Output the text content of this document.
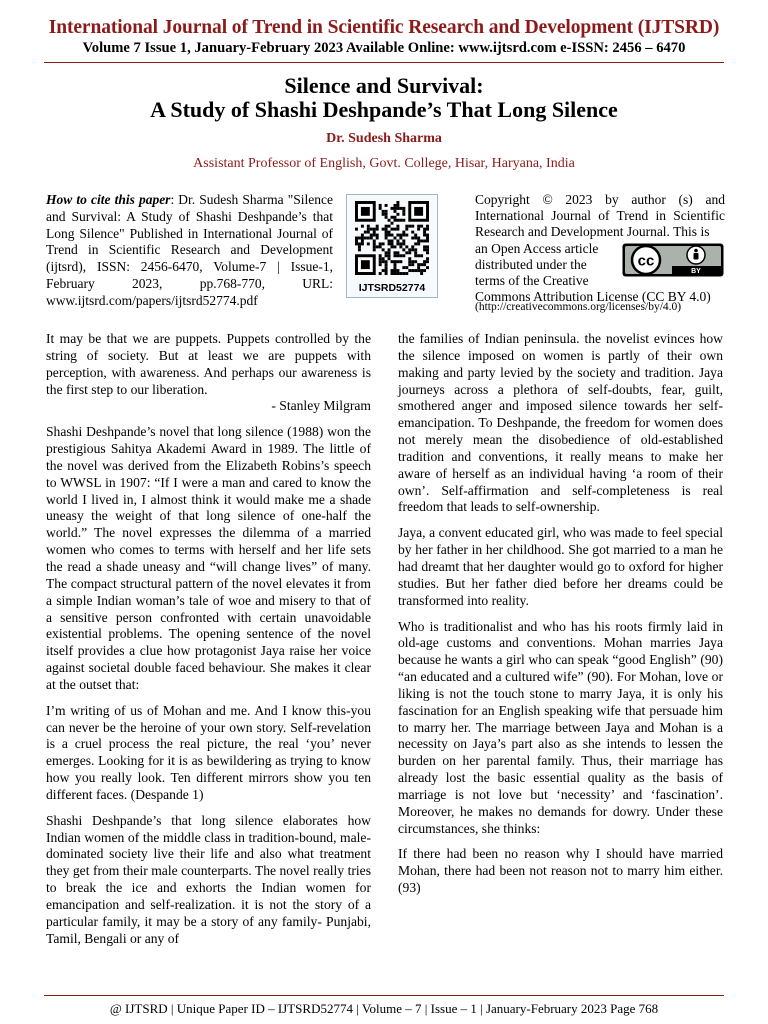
International Journal of Trend in Scientific Research and Development (IJTSRD)
Volume 7 Issue 1, January-February 2023 Available Online: www.ijtsrd.com e-ISSN: 2456 – 6470
Silence and Survival:
A Study of Shashi Deshpande’s That Long Silence
Dr. Sudesh Sharma
Assistant Professor of English, Govt. College, Hisar, Haryana, India
How to cite this paper: Dr. Sudesh Sharma "Silence and Survival: A Study of Shashi Deshpande’s that Long Silence" Published in International Journal of Trend in Scientific Research and Development (ijtsrd), ISSN: 2456-6470, Volume-7 | Issue-1, February 2023, pp.768-770, URL: www.ijtsrd.com/papers/ijtsrd52774.pdf
IJTSRD52774
Copyright © 2023 by author (s) and International Journal of Trend in Scientific Research and Development Journal. This is
an Open Access article
distributed under the
terms of the Creative
Commons Attribution License (CC BY 4.0)
cc
BY
(http://creativecommons.org/licenses/by/4.0)

It may be that we are puppets. Puppets controlled by the string of society. But at least we are puppets with perception, with awareness. And perhaps our awareness is the first step to our liberation.

- Stanley Milgram

Shashi Deshpande’s novel that long silence (1988) won the prestigious Sahitya Akademi Award in 1989. The little of the novel was derived from the Elizabeth Robins’s speech to WWSL in 1907: “If I were a man and cared to know the world I lived in, I almost think it would make me a shade uneasy the weight of that long silence of one-half the world.” The novel expresses the dilemma of a married women who comes to terms with herself and her life sets the read a shade uneasy and “will change lives” of many. The compact structural pattern of the novel elevates it from a simple Indian woman’s tale of woe and misery to that of a sensitive person confronted with certain unavoidable existential problems. The opening sentence of the novel itself provides a clue how protagonist Jaya raise her voice against societal double faced behaviour. She makes it clear at the outset that:

I’m writing of us of Mohan and me. And I know this-you can never be the heroine of your own story. Self-revelation is a cruel process the real picture, the real ‘you’ never emerges. Looking for it is as bewildering as trying to know how you really look. Ten different mirrors show you ten different faces. (Despande 1)

Shashi Deshpande’s that long silence elaborates how Indian women of the middle class in tradition-bound, male-dominated society live their life and also what treatment they get from their male counterparts. The novel really tries to break the ice and exhorts the Indian women for emancipation and self-realization. it is not the story of a particular family, it may be a story of any family- Punjabi, Tamil, Bengali or any of

the families of Indian peninsula. the novelist evinces how the silence imposed on women is partly of their own making and party levied by the society and tradition. Jaya journeys across a plethora of self-doubts, fear, guilt, smothered anger and imposed silence towards her self-emancipation. To Deshpande, the freedom for women does not merely mean the disobedience of old-established tradition and conventions, it really means to make her aware of herself as an individual having ‘a room of their own’. Self-affirmation and self-completeness is real freedom that leads to self-ownership.

Jaya, a convent educated girl, who was made to feel special by her father in her childhood. She got married to a man he had dreamt that her daughter would go to oxford for higher studies. But her father died before her dreams could be transformed into reality.

Who is traditionalist and who has his roots firmly laid in old-age customs and conventions. Mohan marries Jaya because he wants a girl who can speak “good English” (90) “an educated and a cultured wife” (90). For Mohan, love or liking is not the touch stone to marry Jaya, it is only his fascination for an English speaking wife that persuade him to marry her. The marriage between Jaya and Mohan is a necessity on Jaya’s part also as she intends to lessen the burden on her parental family. Thus, their marriage has already lost the basic essential quality as the basis of marriage is not love but ‘necessity’ and ‘fascination’. Moreover, he makes no demands for dowry. Under these circumstances, she thinks:

If there had been no reason why I should have married Mohan, there had been not reason not to marry him either. (93)

@ IJTSRD | Unique Paper ID – IJTSRD52774 | Volume – 7 | Issue – 1 | January-February 2023 Page 768
